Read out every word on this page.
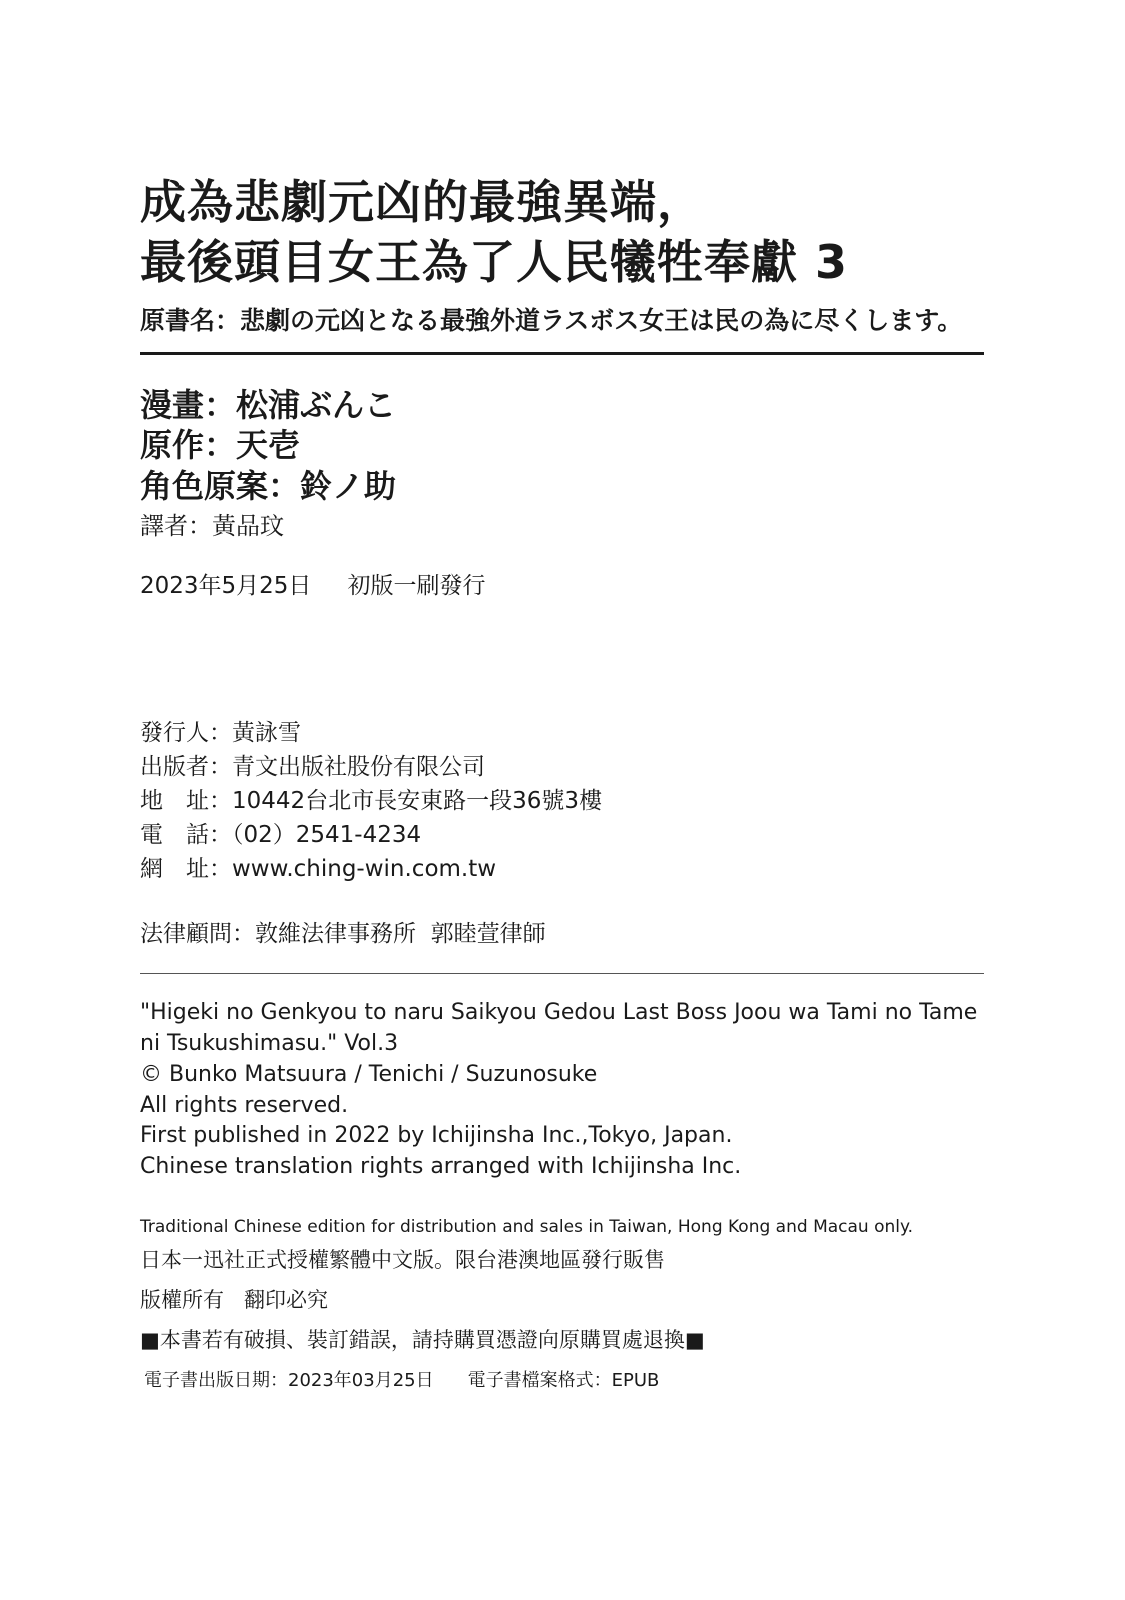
成為悲劇元凶的最強異端，
最後頭目女王為了人民犧牲奉獻 3
原書名：悲劇の元凶となる最強外道ラスボス女王は民の為に尽くします。
漫畫：松浦ぶんこ
原作：天壱
角色原案：鈴ノ助
譯者：黃品玟
2023年5月25日 初版一刷發行
發行人：黃詠雪
出版者：青文出版社股份有限公司
地　址：10442台北市長安東路一段36號3樓
電　話：（02）2541-4234
網　址：www.ching-win.com.tw
法律顧問：敦維法律事務所 郭睦萱律師
"Higeki no Genkyou to naru Saikyou Gedou Last Boss Joou wa Tami no Tame
ni Tsukushimasu." Vol.3
© Bunko Matsuura / Tenichi / Suzunosuke
All rights reserved.
First published in 2022 by Ichijinsha Inc.,Tokyo, Japan.
Chinese translation rights arranged with Ichijinsha Inc.
Traditional Chinese edition for distribution and sales in Taiwan, Hong Kong and Macau only.
日本一迅社正式授權繁體中文版。限台港澳地區發行販售
版權所有 翻印必究
■本書若有破損、裝訂錯誤，請持購買憑證向原購買處退換■
電子書出版日期：2023年03月25日 電子書檔案格式：EPUB
